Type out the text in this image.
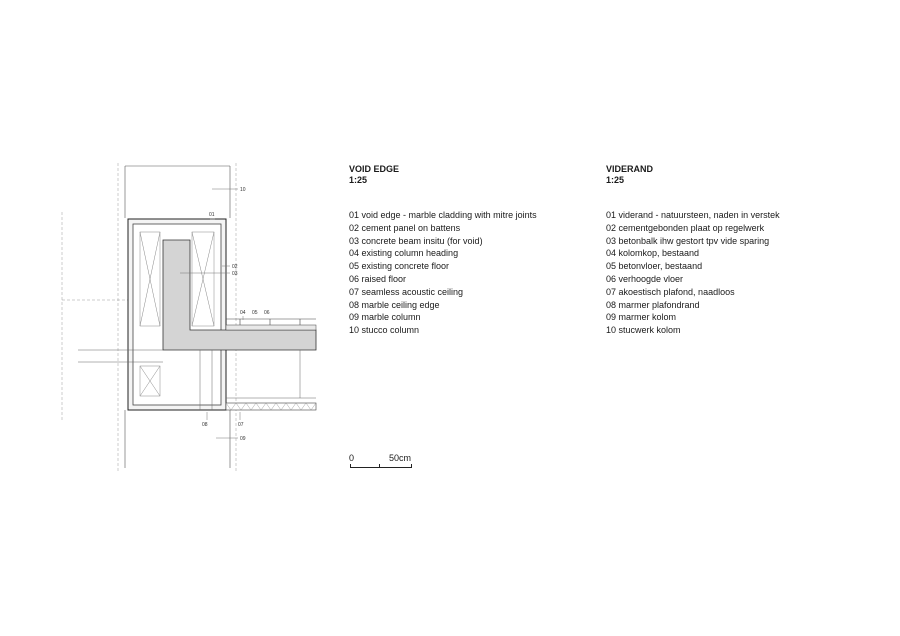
10
01
02
03
04 05 06
08	07
09
VOID EDGE
1:25
01 void edge - marble cladding with mitre joints
02 cement panel on battens
03 concrete beam insitu (for void)
04 existing column heading
05 existing concrete floor
06 raised floor
07 seamless acoustic ceiling
08 marble ceiling edge
09 marble column
10 stucco column
VIDERAND
1:25
01 viderand - natuursteen, naden in verstek
02 cementgebonden plaat op regelwerk
03 betonbalk ihw gestort tpv vide sparing
04 kolomkop, bestaand
05 betonvloer, bestaand
06 verhoogde vloer
07 akoestisch plafond, naadloos
08 marmer plafondrand
09 marmer kolom
10 stucwerk kolom
0	50cm
